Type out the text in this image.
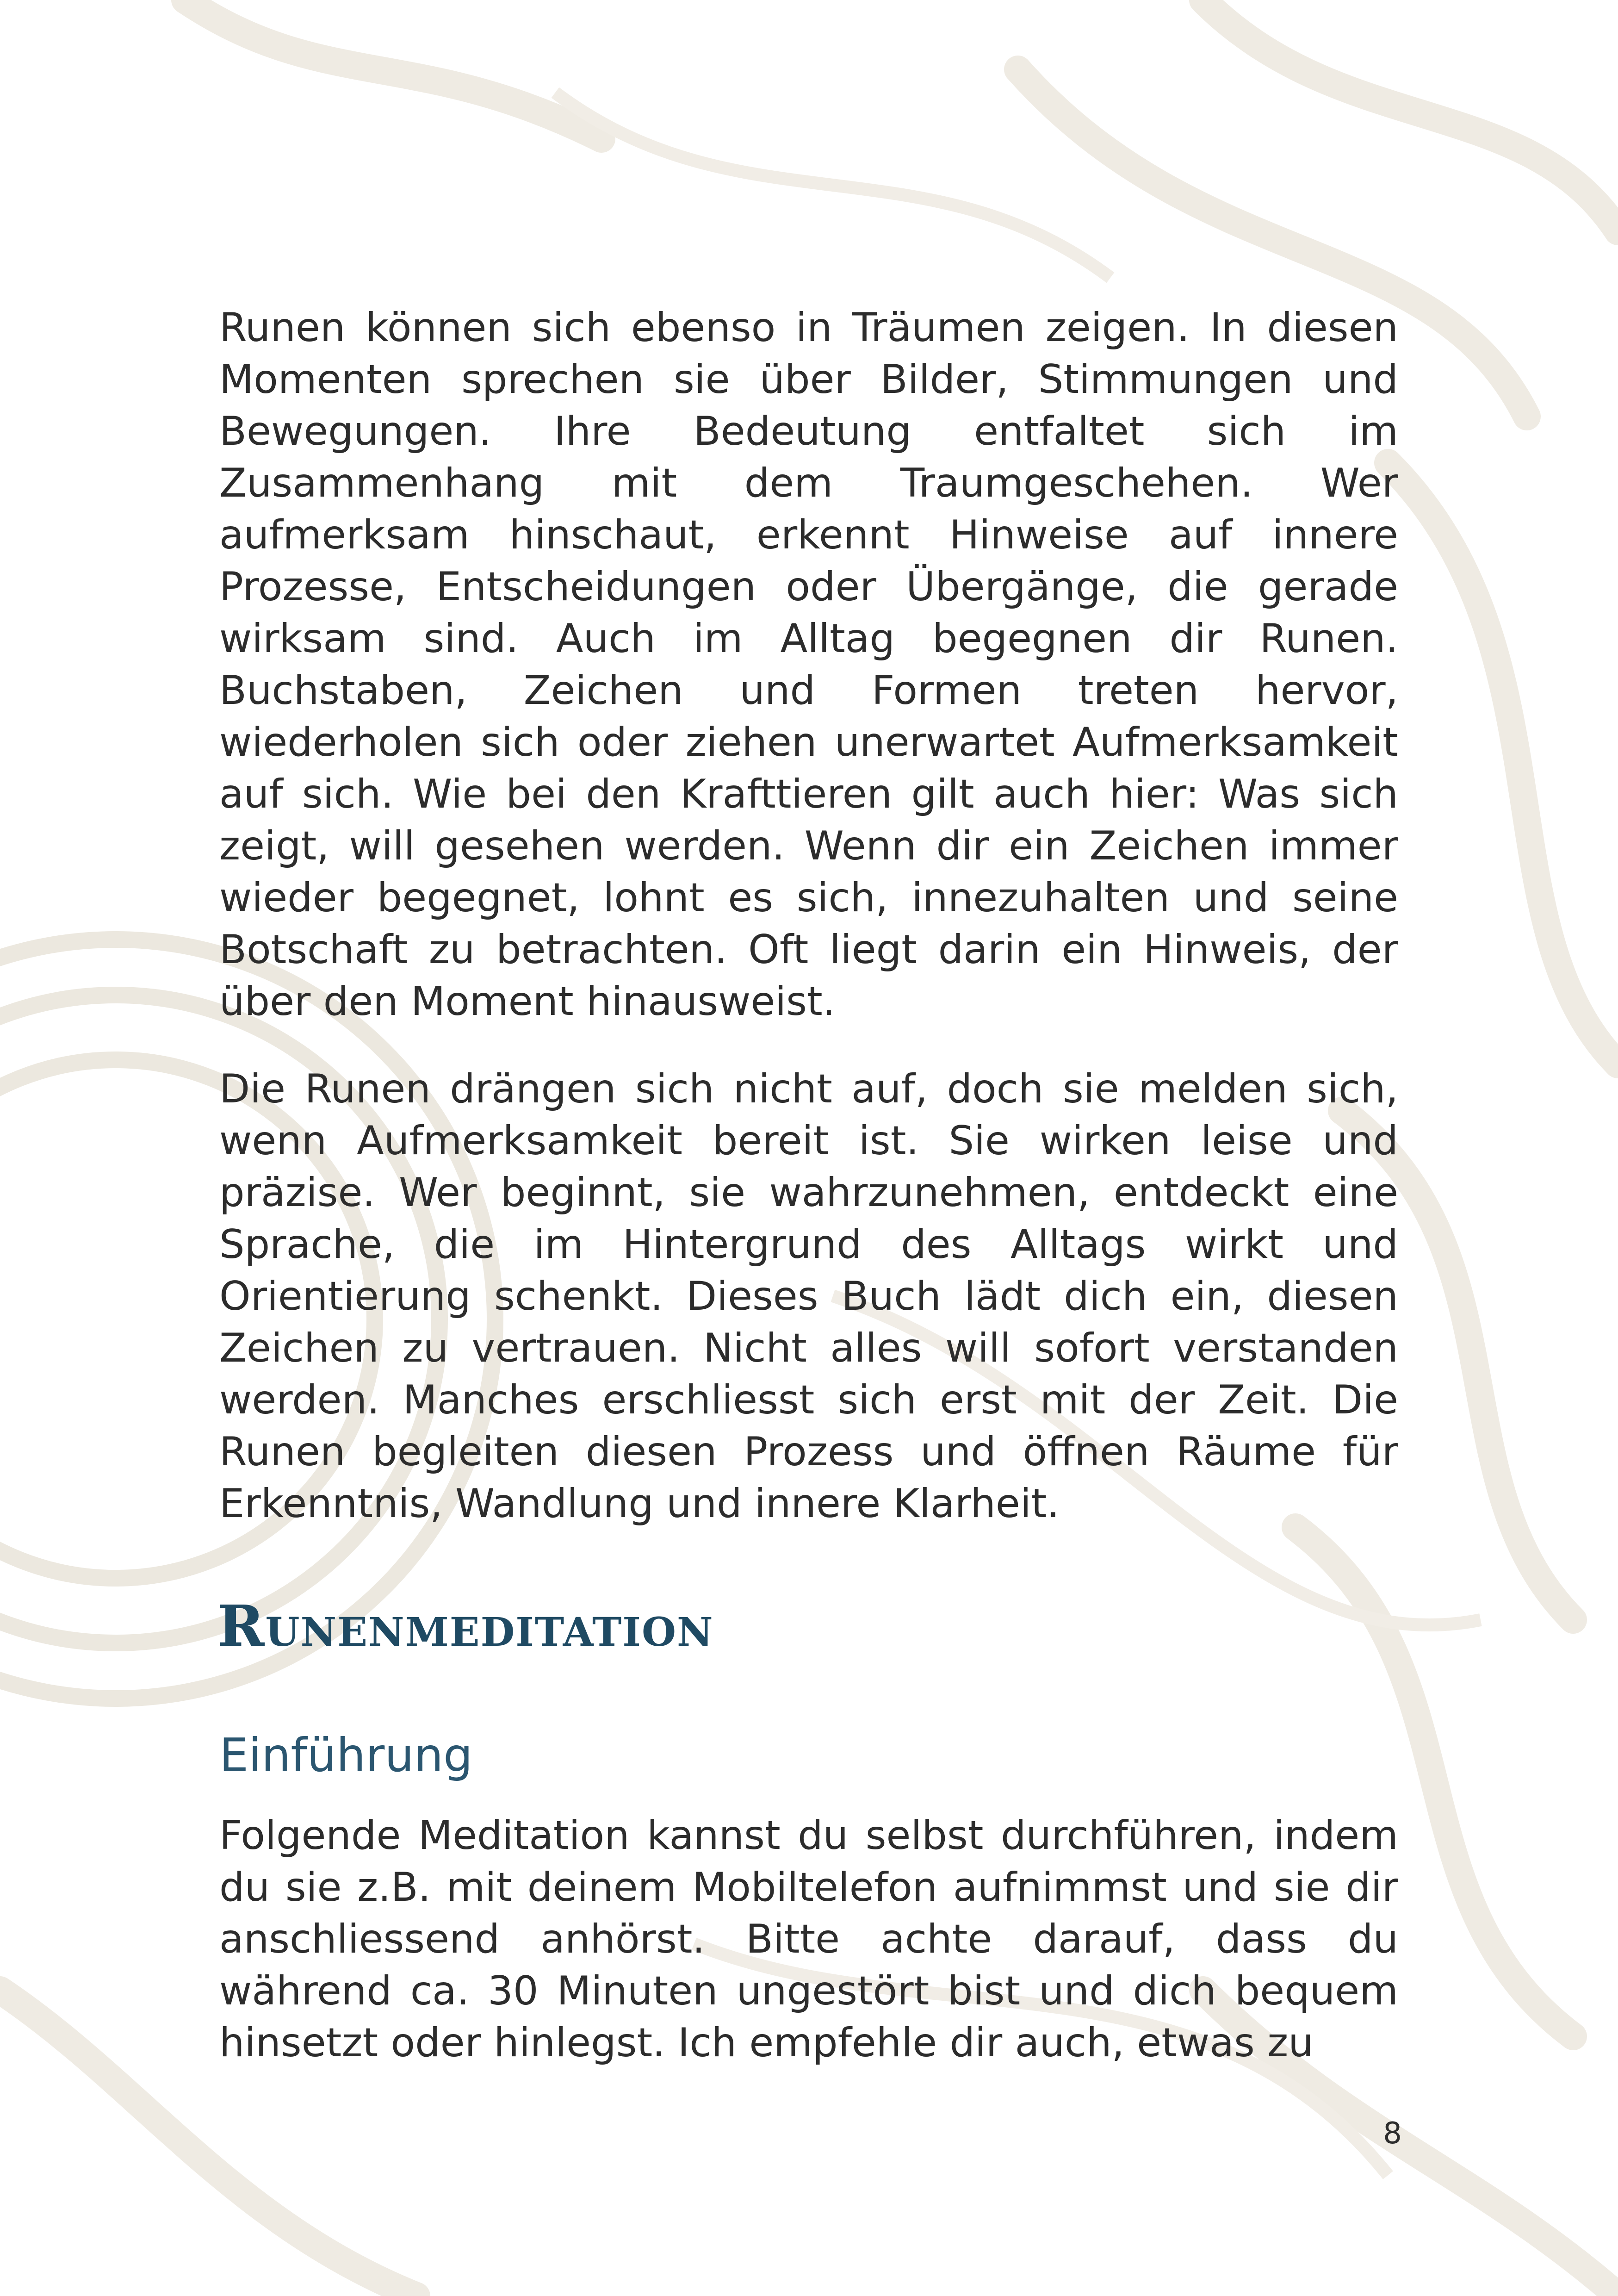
Runen können sich ebenso in Träumen zeigen. In diesen Momenten sprechen sie über Bilder, Stimmungen und Bewegungen. Ihre Bedeutung entfaltet sich im Zusammenhang mit dem Traumgeschehen. Wer aufmerksam hinschaut, erkennt Hinweise auf innere Prozesse, Entscheidungen oder Übergänge, die gerade wirksam sind. Auch im Alltag begegnen dir Runen. Buchstaben, Zeichen und Formen treten hervor, wiederholen sich oder ziehen unerwartet Aufmerksamkeit auf sich. Wie bei den Krafttieren gilt auch hier: Was sich zeigt, will gesehen werden. Wenn dir ein Zeichen immer wieder begegnet, lohnt es sich, innezuhalten und seine Botschaft zu betrachten. Oft liegt darin ein Hinweis, der über den Moment hinausweist.

Die Runen drängen sich nicht auf, doch sie melden sich, wenn Aufmerksamkeit bereit ist. Sie wirken leise und präzise. Wer beginnt, sie wahrzunehmen, entdeckt eine Sprache, die im Hintergrund des Alltags wirkt und Orientierung schenkt. Dieses Buch lädt dich ein, diesen Zeichen zu vertrauen. Nicht alles will sofort verstanden werden. Manches erschliesst sich erst mit der Zeit. Die Runen begleiten diesen Prozess und öffnen Räume für Erkenntnis, Wandlung und innere Klarheit.

Runenmeditation
Einführung

Folgende Meditation kannst du selbst durchführen, indem du sie z.B. mit deinem Mobiltelefon aufnimmst und sie dir anschliessend anhörst. Bitte achte darauf, dass du während ca. 30 Minuten ungestört bist und dich bequem hinsetzt oder hinlegst. Ich empfehle dir auch, etwas zu

8
